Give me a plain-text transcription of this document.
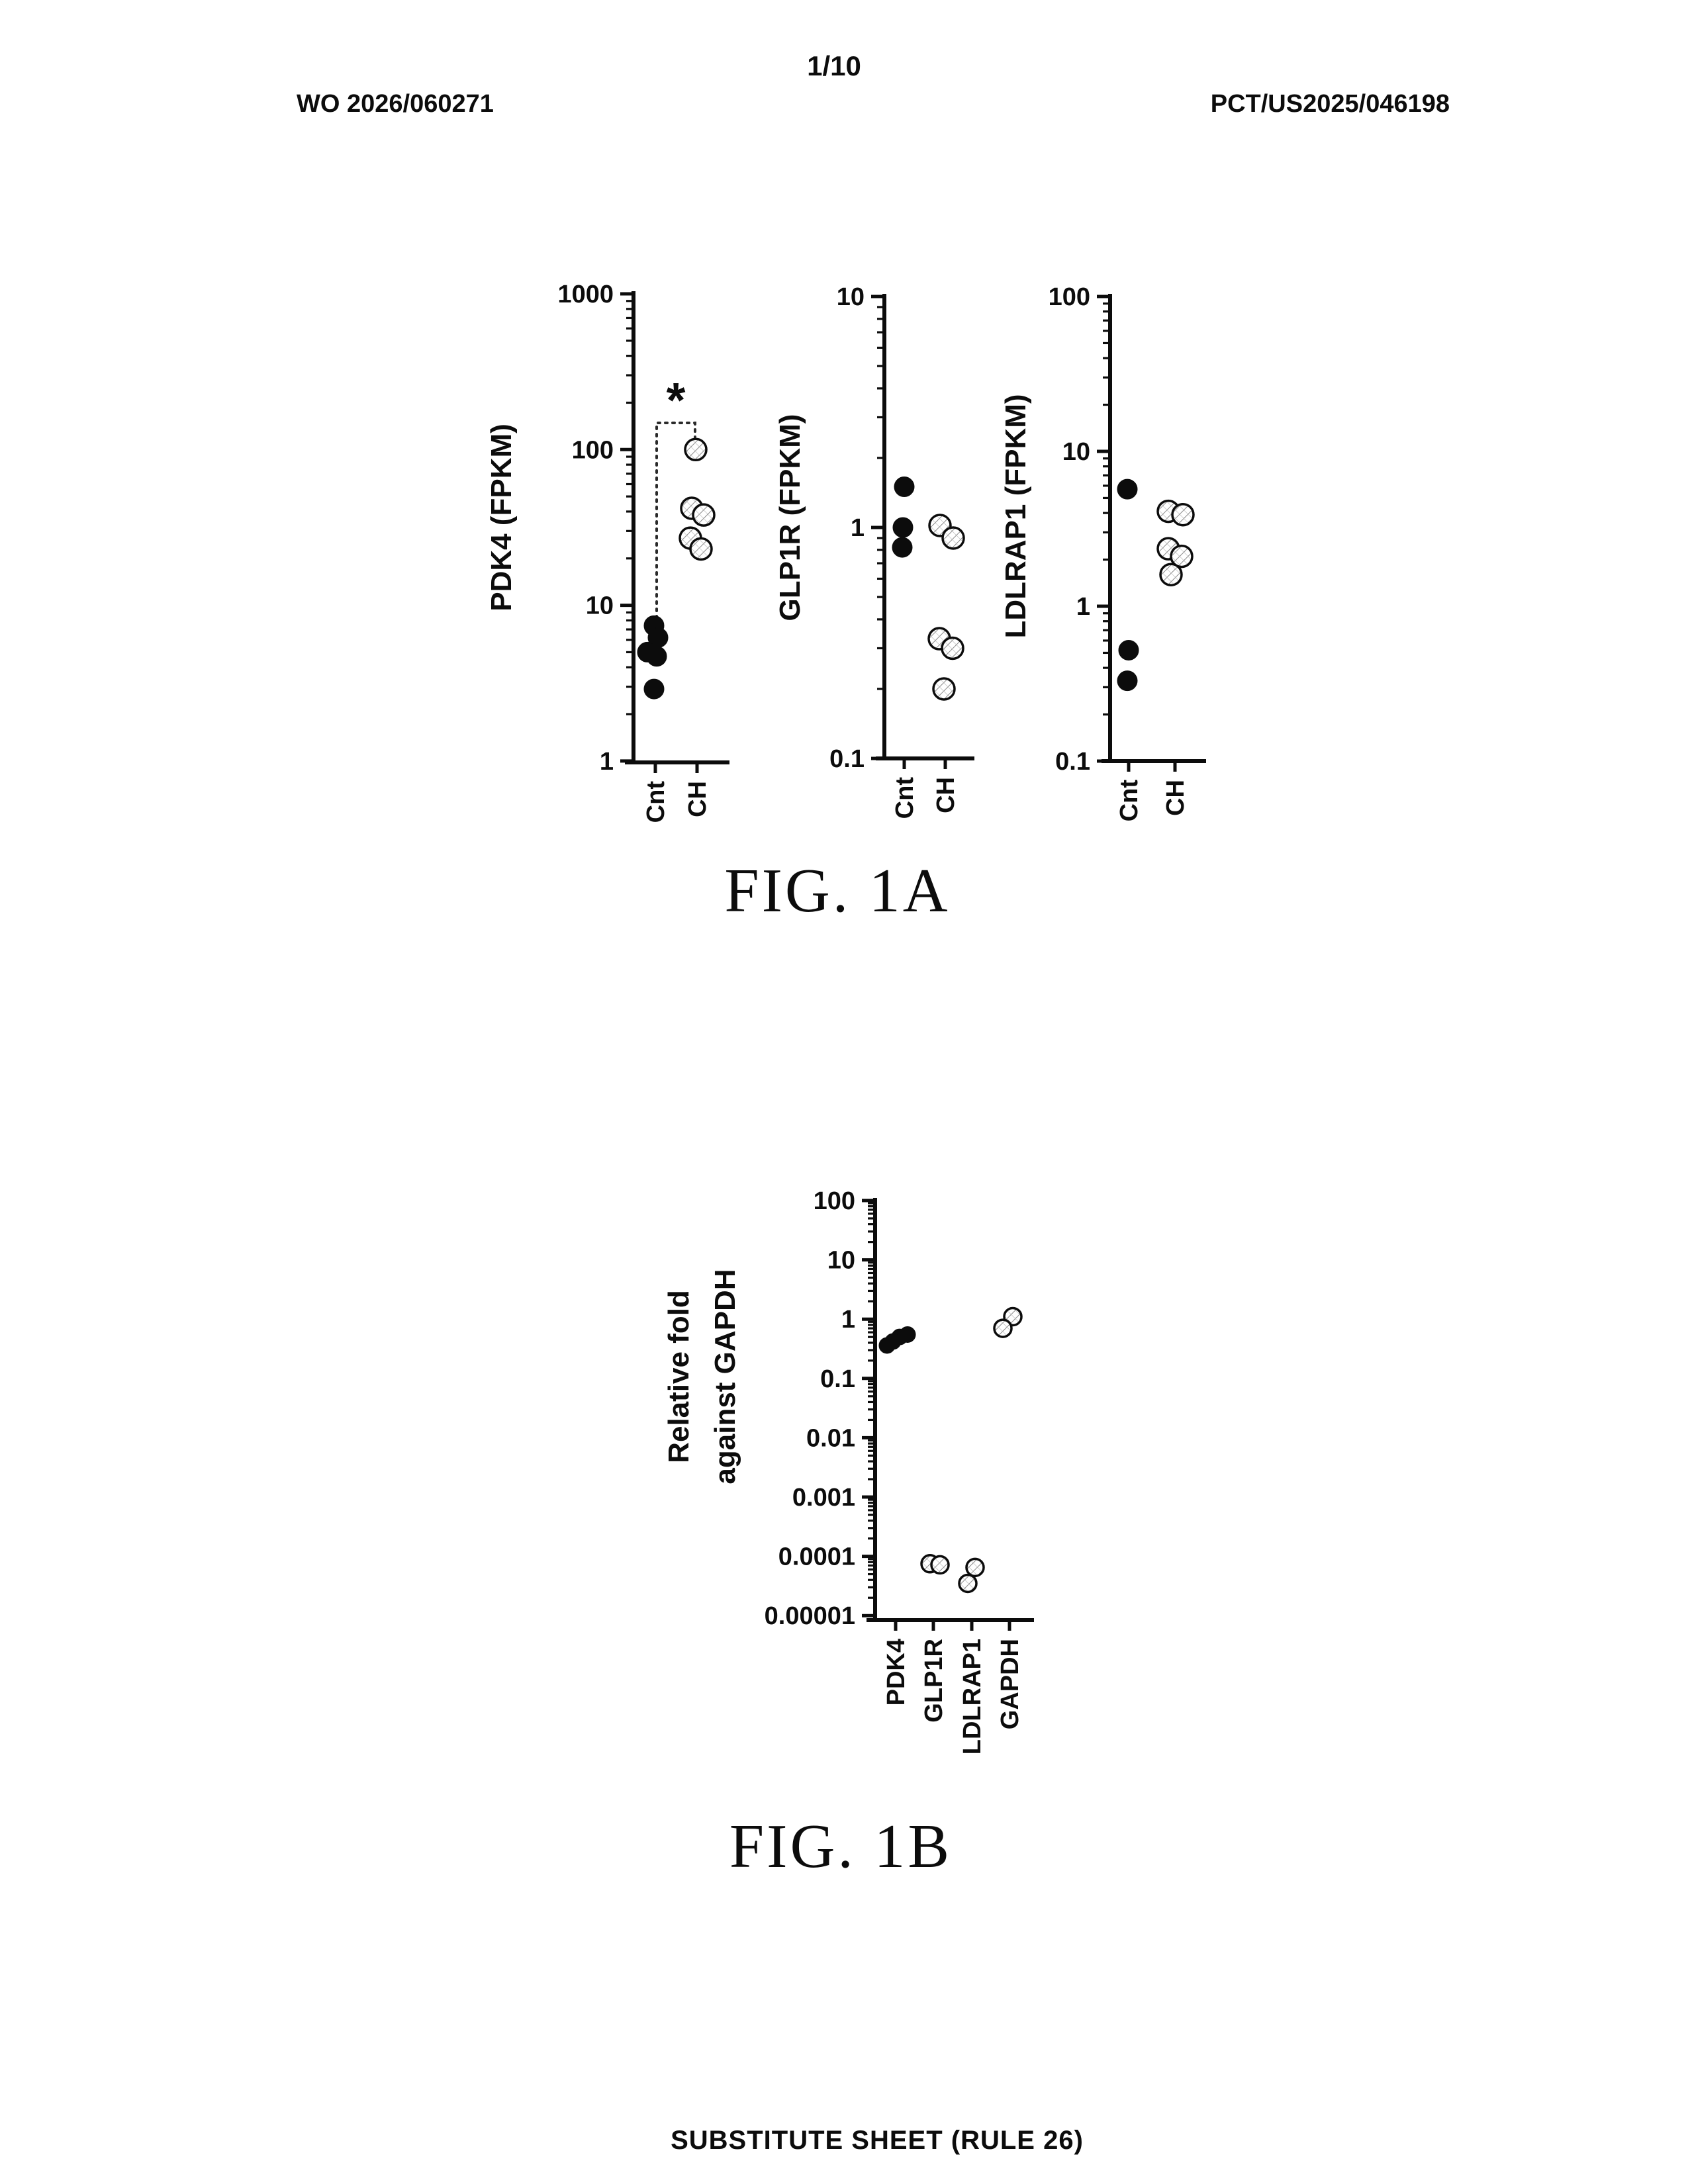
1/10
WO 2026/060271	PCT/US2025/046198
1000
100
10
1
Cnt CH
PDK4 (FPKM)
*
10
1
0.1
Cnt CH
GLP1R (FPKM)
100
10
1
0.1
Cnt CH
LDLRAP1 (FPKM)
100
10
1
0.1
0.01
0.001
0.0001
0.00001
PDK4 GLP1R LDLRAP1 GAPDH
Relative fold against GAPDH
FIG. 1A
FIG. 1B
SUBSTITUTE SHEET (RULE 26)
